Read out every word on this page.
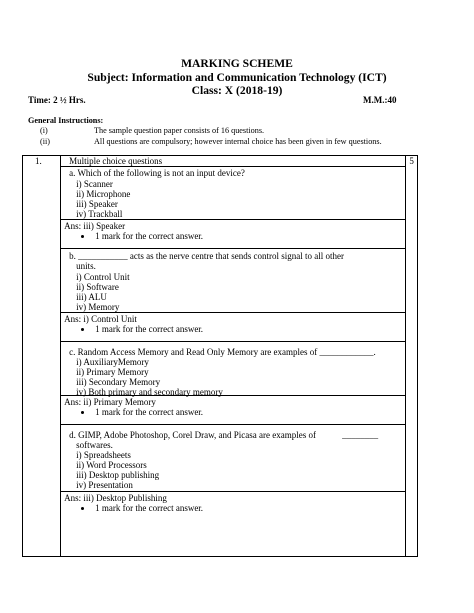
MARKING SCHEME
Subject: Information and Communication Technology (ICT)
Class: X (2018-19)
Time: 2 ½ Hrs.	M.M.:40
General Instructions:
(i)	The sample question paper consists of 16 questions.
(ii)	All questions are compulsory; however internal choice has been given in few questions.
1.	Multiple choice questions	5

a. Which of the following is not an input device?
i) Scanner
ii) Microphone
iii) Speaker
iv) Trackball

Ans: iii) Speaker
1 mark for the correct answer.

b. ___________ acts as the nerve centre that sends control signal to all other
units.
i) Control Unit
ii) Software
iii) ALU
iv) Memory

Ans: i) Control Unit
1 mark for the correct answer.

c. Random Access Memory and Read Only Memory are examples of ____________.
i) AuxiliaryMemory
ii) Primary Memory
iii) Secondary Memory
iv) Both primary and secondary memory

Ans: ii) Primary Memory
1 mark for the correct answer.

d. GIMP, Adobe Photoshop, Corel Draw, and Picasa are examples of	________
softwares.
i) Spreadsheets
ii) Word Processors
iii) Desktop publishing
iv) Presentation

Ans: iii) Desktop Publishing
1 mark for the correct answer.
